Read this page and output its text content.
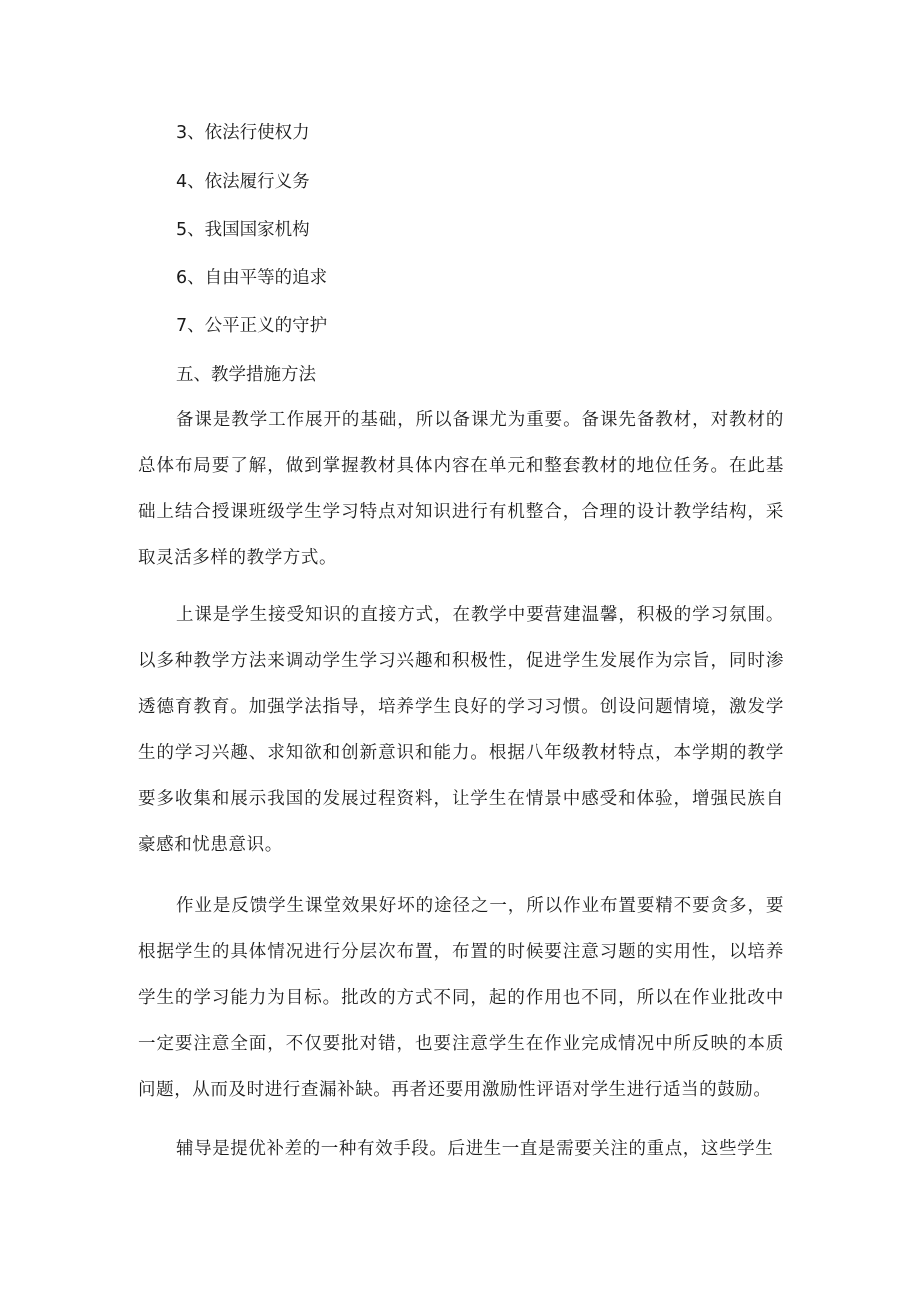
3、依法行使权力
4、依法履行义务
5、我国国家机构
6、自由平等的追求
7、公平正义的守护
五、教学措施方法

备课是教学工作展开的基础，所以备课尤为重要。备课先备教材，对教材的总体布局要了解，做到掌握教材具体内容在单元和整套教材的地位任务。在此基础上结合授课班级学生学习特点对知识进行有机整合，合理的设计教学结构，采取灵活多样的教学方式。

上课是学生接受知识的直接方式，在教学中要营建温馨，积极的学习氛围。以多种教学方法来调动学生学习兴趣和积极性，促进学生发展作为宗旨，同时渗透德育教育。加强学法指导，培养学生良好的学习习惯。创设问题情境，激发学生的学习兴趣、求知欲和创新意识和能力。根据八年级教材特点，本学期的教学要多收集和展示我国的发展过程资料，让学生在情景中感受和体验，增强民族自豪感和忧患意识。

作业是反馈学生课堂效果好坏的途径之一，所以作业布置要精不要贪多，要根据学生的具体情况进行分层次布置，布置的时候要注意习题的实用性，以培养学生的学习能力为目标。批改的方式不同，起的作用也不同，所以在作业批改中一定要注意全面，不仅要批对错，也要注意学生在作业完成情况中所反映的本质问题，从而及时进行查漏补缺。再者还要用激励性评语对学生进行适当的鼓励。

辅导是提优补差的一种有效手段。后进生一直是需要关注的重点，这些学生
